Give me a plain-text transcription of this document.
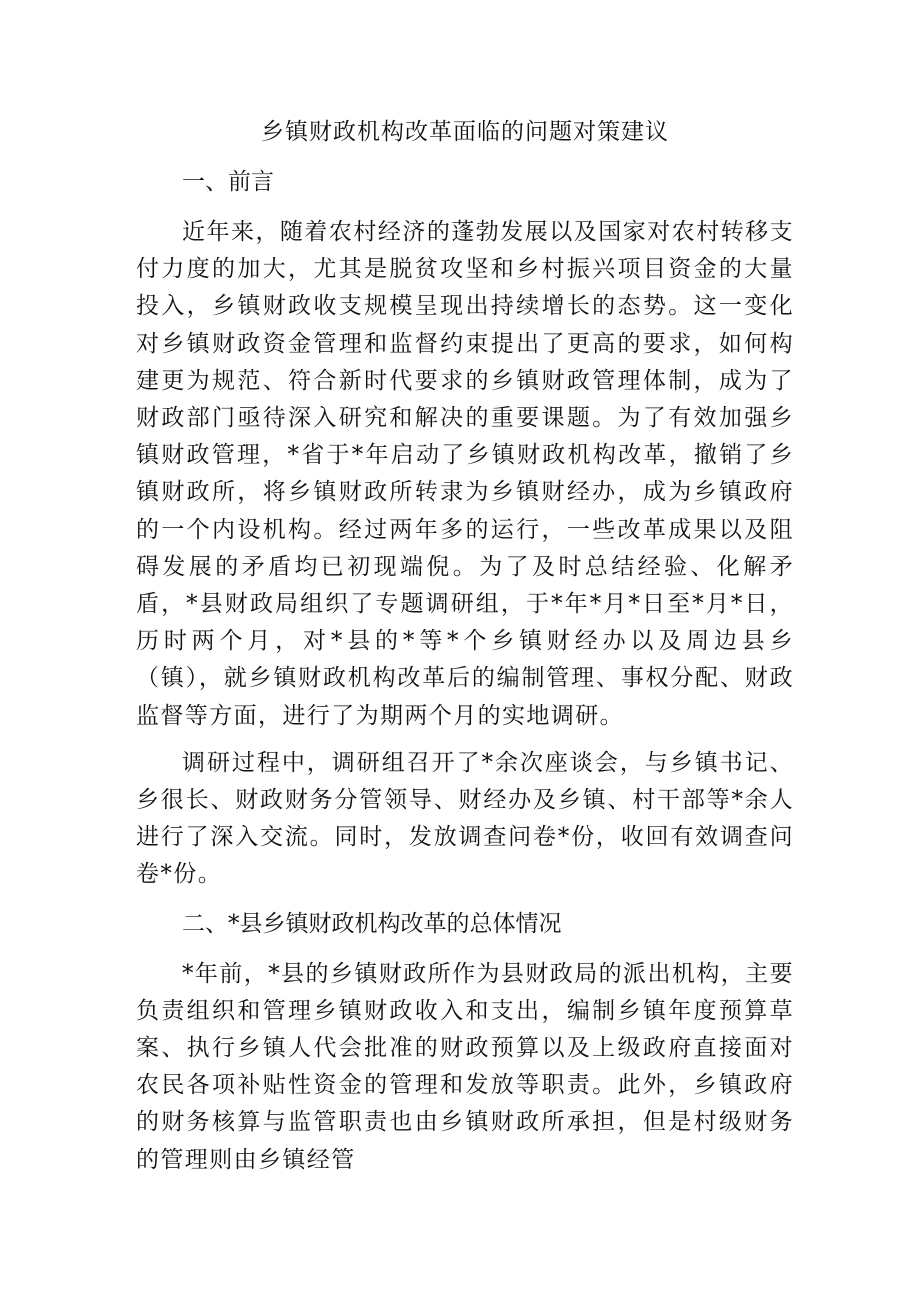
乡镇财政机构改革面临的问题对策建议
一、前言

近年来，随着农村经济的蓬勃发展以及国家对农村转移支付力度的加大，尤其是脱贫攻坚和乡村振兴项目资金的大量投入，乡镇财政收支规模呈现出持续增长的态势。这一变化对乡镇财政资金管理和监督约束提出了更高的要求，如何构建更为规范、符合新时代要求的乡镇财政管理体制，成为了财政部门亟待深入研究和解决的重要课题。为了有效加强乡镇财政管理，*省于*年启动了乡镇财政机构改革，撤销了乡镇财政所，将乡镇财政所转隶为乡镇财经办，成为乡镇政府的一个内设机构。经过两年多的运行，一些改革成果以及阻碍发展的矛盾均已初现端倪。为了及时总结经验、化解矛盾，*县财政局组织了专题调研组，于*年*月*日至*月*日，历时两个月，对*县的*等*个乡镇财经办以及周边县乡（镇），就乡镇财政机构改革后的编制管理、事权分配、财政监督等方面，进行了为期两个月的实地调研。

调研过程中，调研组召开了*余次座谈会，与乡镇书记、乡很长、财政财务分管领导、财经办及乡镇、村干部等*余人进行了深入交流。同时，发放调查问卷*份，收回有效调查问卷*份。

二、*县乡镇财政机构改革的总体情况

*年前，*县的乡镇财政所作为县财政局的派出机构，主要负责组织和管理乡镇财政收入和支出，编制乡镇年度预算草案、执行乡镇人代会批准的财政预算以及上级政府直接面对农民各项补贴性资金的管理和发放等职责。此外，乡镇政府的财务核算与监管职责也由乡镇财政所承担，但是村级财务的管理则由乡镇经管
